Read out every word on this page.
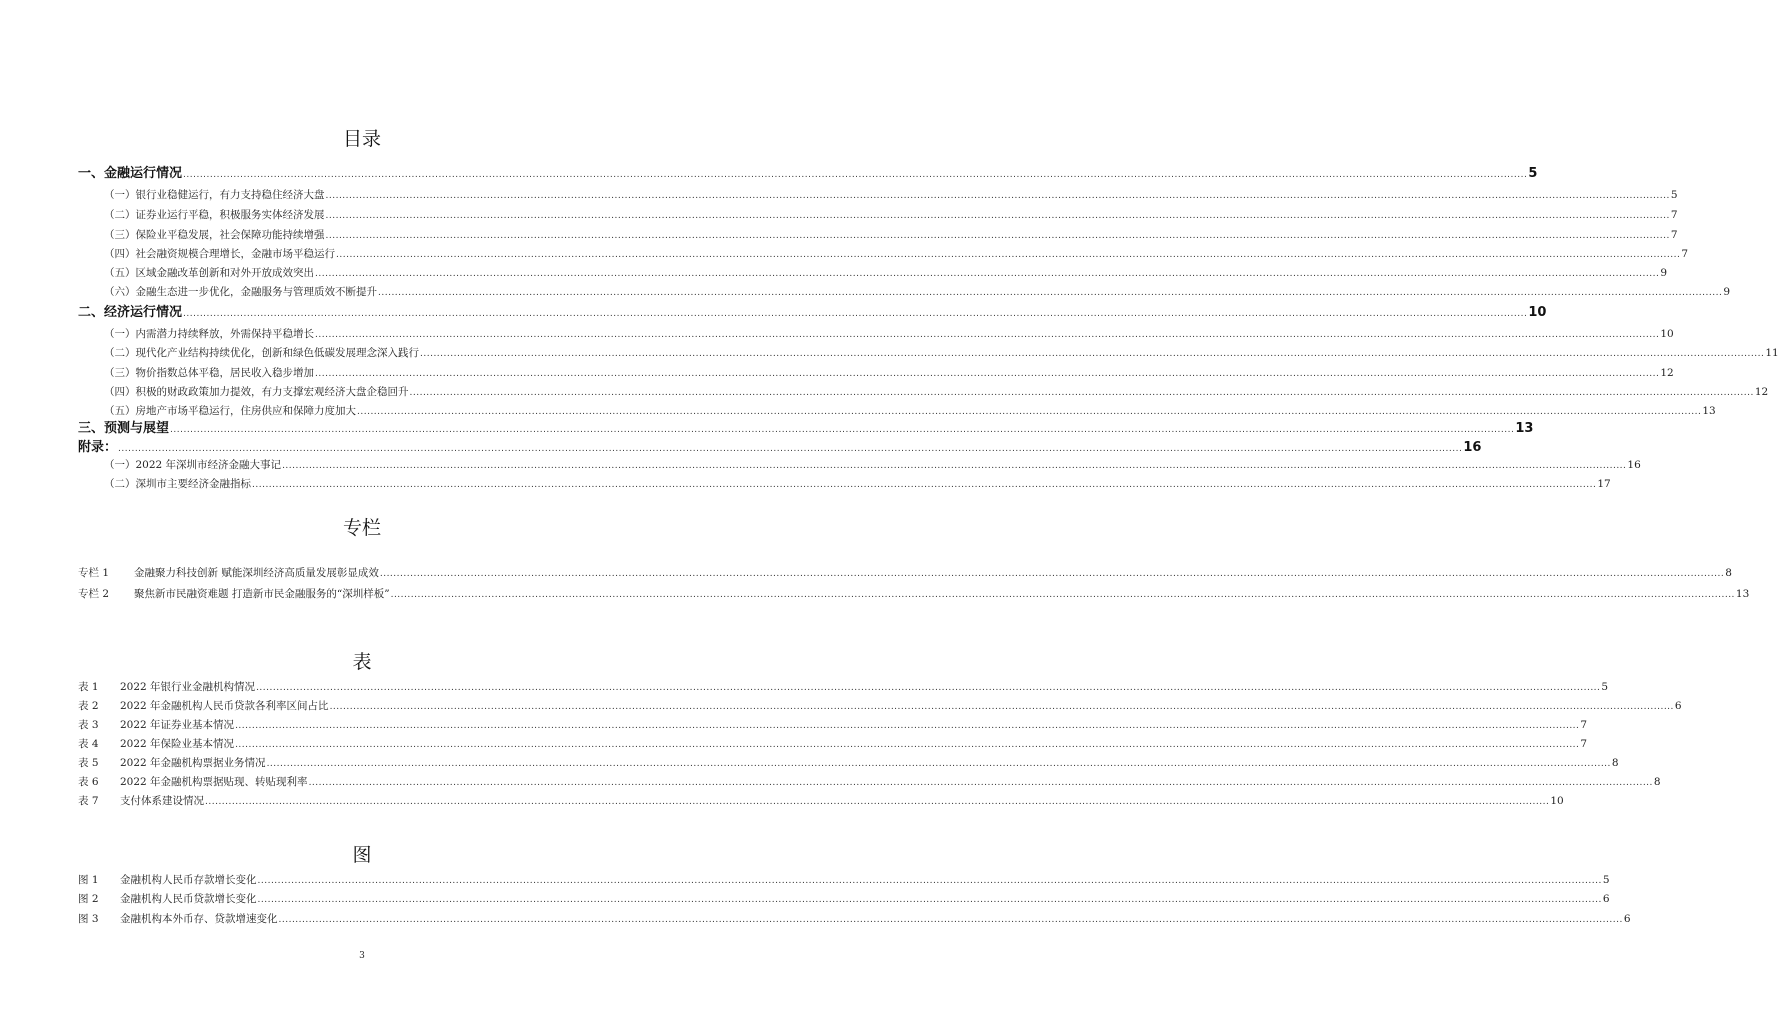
目录
一、金融运行情况 ................................................................................................................................................................................................................................................................................................................................................................................................................ 5
（一）银行业稳健运行，有力支持稳住经济大盘 ................................................................................................................................................................................................................................................................................................................................................................................................................ 5
（二）证券业运行平稳，积极服务实体经济发展 ................................................................................................................................................................................................................................................................................................................................................................................................................ 7
（三）保险业平稳发展，社会保障功能持续增强 ................................................................................................................................................................................................................................................................................................................................................................................................................ 7
（四）社会融资规模合理增长，金融市场平稳运行 ................................................................................................................................................................................................................................................................................................................................................................................................................ 7
（五）区域金融改革创新和对外开放成效突出 ................................................................................................................................................................................................................................................................................................................................................................................................................ 9
（六）金融生态进一步优化，金融服务与管理质效不断提升 ................................................................................................................................................................................................................................................................................................................................................................................................................ 9
二、经济运行情况 ................................................................................................................................................................................................................................................................................................................................................................................................................ 10
（一）内需潜力持续释放，外需保持平稳增长 ................................................................................................................................................................................................................................................................................................................................................................................................................ 10
（二）现代化产业结构持续优化，创新和绿色低碳发展理念深入践行 ................................................................................................................................................................................................................................................................................................................................................................................................................ 11
（三）物价指数总体平稳，居民收入稳步增加 ................................................................................................................................................................................................................................................................................................................................................................................................................ 12
（四）积极的财政政策加力提效，有力支撑宏观经济大盘企稳回升 ................................................................................................................................................................................................................................................................................................................................................................................................................ 12
（五）房地产市场平稳运行，住房供应和保障力度加大 ................................................................................................................................................................................................................................................................................................................................................................................................................ 13
三、预测与展望 ................................................................................................................................................................................................................................................................................................................................................................................................................ 13
附录： ................................................................................................................................................................................................................................................................................................................................................................................................................ 16
（一）2022 年深圳市经济金融大事记 ................................................................................................................................................................................................................................................................................................................................................................................................................ 16
（二）深圳市主要经济金融指标 ................................................................................................................................................................................................................................................................................................................................................................................................................ 17
专栏
专栏 1	金融聚力科技创新 赋能深圳经济高质量发展彰显成效 ................................................................................................................................................................................................................................................................................................................................................................................................................ 8
专栏 2	聚焦新市民融资难题 打造新市民金融服务的“深圳样板” ................................................................................................................................................................................................................................................................................................................................................................................................................ 13
表
表 1	2022 年银行业金融机构情况 ................................................................................................................................................................................................................................................................................................................................................................................................................ 5
表 2	2022 年金融机构人民币贷款各利率区间占比 ................................................................................................................................................................................................................................................................................................................................................................................................................ 6
表 3	2022 年证券业基本情况 ................................................................................................................................................................................................................................................................................................................................................................................................................ 7
表 4	2022 年保险业基本情况 ................................................................................................................................................................................................................................................................................................................................................................................................................ 7
表 5	2022 年金融机构票据业务情况 ................................................................................................................................................................................................................................................................................................................................................................................................................ 8
表 6	2022 年金融机构票据贴现、转贴现利率 ................................................................................................................................................................................................................................................................................................................................................................................................................ 8
表 7	支付体系建设情况 ................................................................................................................................................................................................................................................................................................................................................................................................................ 10
图
图 1	金融机构人民币存款增长变化 ................................................................................................................................................................................................................................................................................................................................................................................................................ 5
图 2	金融机构人民币贷款增长变化 ................................................................................................................................................................................................................................................................................................................................................................................................................ 6
图 3	金融机构本外币存、贷款增速变化 ................................................................................................................................................................................................................................................................................................................................................................................................................ 6
3
